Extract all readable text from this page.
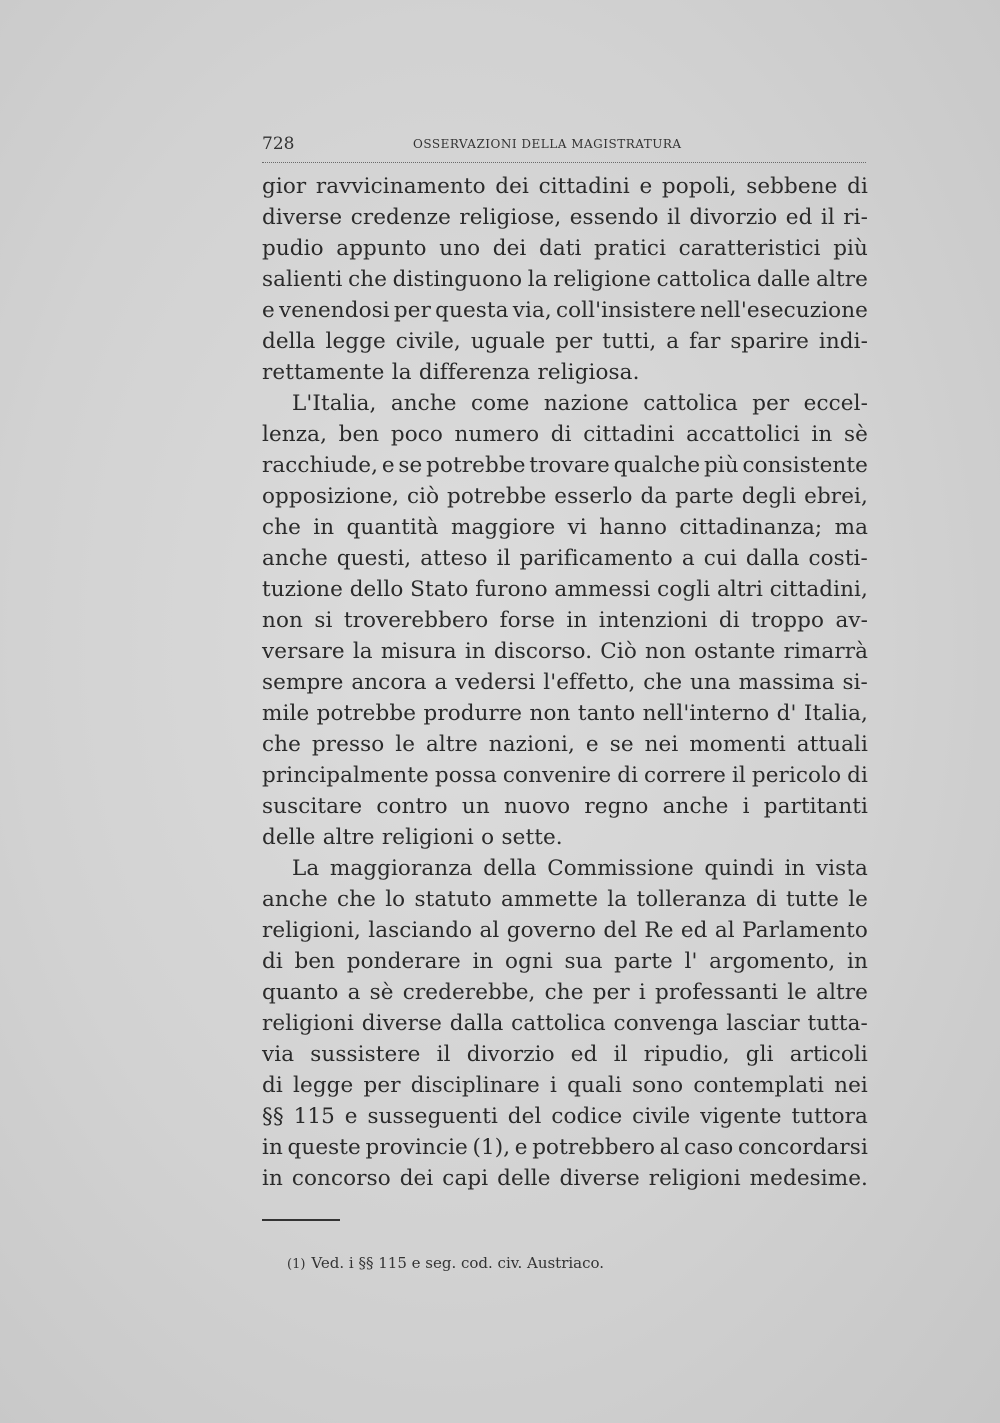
728	OSSERVAZIONI DELLA MAGISTRATURA
gior ravvicinamento dei cittadini e popoli, sebbene di
diverse credenze religiose, essendo il divorzio ed il ri-
pudio appunto uno dei dati pratici caratteristici più
salienti che distinguono la religione cattolica dalle altre
e venendosi per questa via, coll'insistere nell'esecuzione
della legge civile, uguale per tutti, a far sparire indi-
rettamente la differenza religiosa.
L'Italia, anche come nazione cattolica per eccel-
lenza, ben poco numero di cittadini accattolici in sè
racchiude, e se potrebbe trovare qualche più consistente
opposizione, ciò potrebbe esserlo da parte degli ebrei,
che in quantità maggiore vi hanno cittadinanza; ma
anche questi, atteso il parificamento a cui dalla costi-
tuzione dello Stato furono ammessi cogli altri cittadini,
non si troverebbero forse in intenzioni di troppo av-
versare la misura in discorso. Ciò non ostante rimarrà
sempre ancora a vedersi l'effetto, che una massima si-
mile potrebbe produrre non tanto nell'interno d' Italia,
che presso le altre nazioni, e se nei momenti attuali
principalmente possa convenire di correre il pericolo di
suscitare contro un nuovo regno anche i partitanti
delle altre religioni o sette.
La maggioranza della Commissione quindi in vista
anche che lo statuto ammette la tolleranza di tutte le
religioni, lasciando al governo del Re ed al Parlamento
di ben ponderare in ogni sua parte l' argomento, in
quanto a sè crederebbe, che per i professanti le altre
religioni diverse dalla cattolica convenga lasciar tutta-
via sussistere il divorzio ed il ripudio, gli articoli
di legge per disciplinare i quali sono contemplati nei
§§ 115 e susseguenti del codice civile vigente tuttora
in queste provincie (1), e potrebbero al caso concordarsi
in concorso dei capi delle diverse religioni medesime.
(1) Ved. i §§ 115 e seg. cod. civ. Austriaco.
